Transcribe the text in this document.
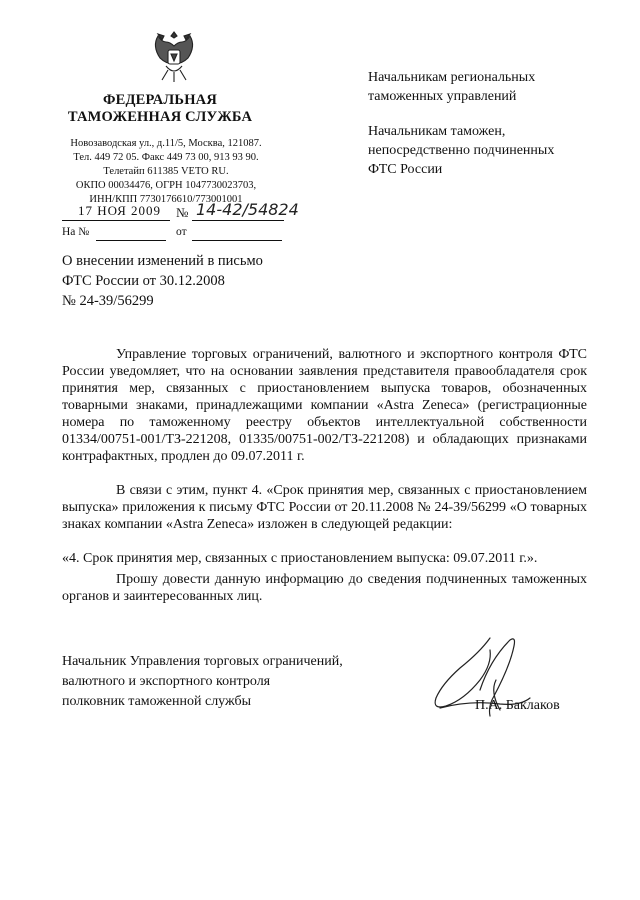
ФЕДЕРАЛЬНАЯ
ТАМОЖЕННАЯ СЛУЖБА
Новозаводская ул., д.11/5, Москва, 121087.
Тел. 449 72 05. Факс 449 73 00, 913 93 90.
Телетайп 611385 VETO RU.
ОКПО 00034476, ОГРН 1047730023703,
ИНН/КПП 7730176610/773001001
17 НОЯ 2009 № 14-42/54824
На №	от
Начальникам региональных
таможенных управлений
Начальникам таможен,
непосредственно подчиненных
ФТС России
О внесении изменений в письмо
ФТС России от 30.12.2008
№ 24-39/56299
Управление торговых ограничений, валютного и экспортного контроля ФТС России уведомляет, что на основании заявления представителя правообладателя срок принятия мер, связанных с приостановлением выпуска товаров, обозначенных товарными знаками, принадлежащими компании «Astra Zeneca» (регистрационные номера по таможенному реестру объектов интеллектуальной собственности 01334/00751-001/ТЗ-221208, 01335/00751-002/ТЗ-221208) и обладающих признаками контрафактных, продлен до 09.07.2011 г.
В связи с этим, пункт 4. «Срок принятия мер, связанных с приостановлением выпуска» приложения к письму ФТС России от 20.11.2008 № 24-39/56299 «О товарных знаках компании «Astra Zeneca» изложен в следующей редакции:
«4. Срок принятия мер, связанных с приостановлением выпуска: 09.07.2011 г.».
Прошу довести данную информацию до сведения подчиненных таможенных органов и заинтересованных лиц.
Начальник Управления торговых ограничений,
валютного и экспортного контроля
полковник таможенной службы	П.А. Баклаков
